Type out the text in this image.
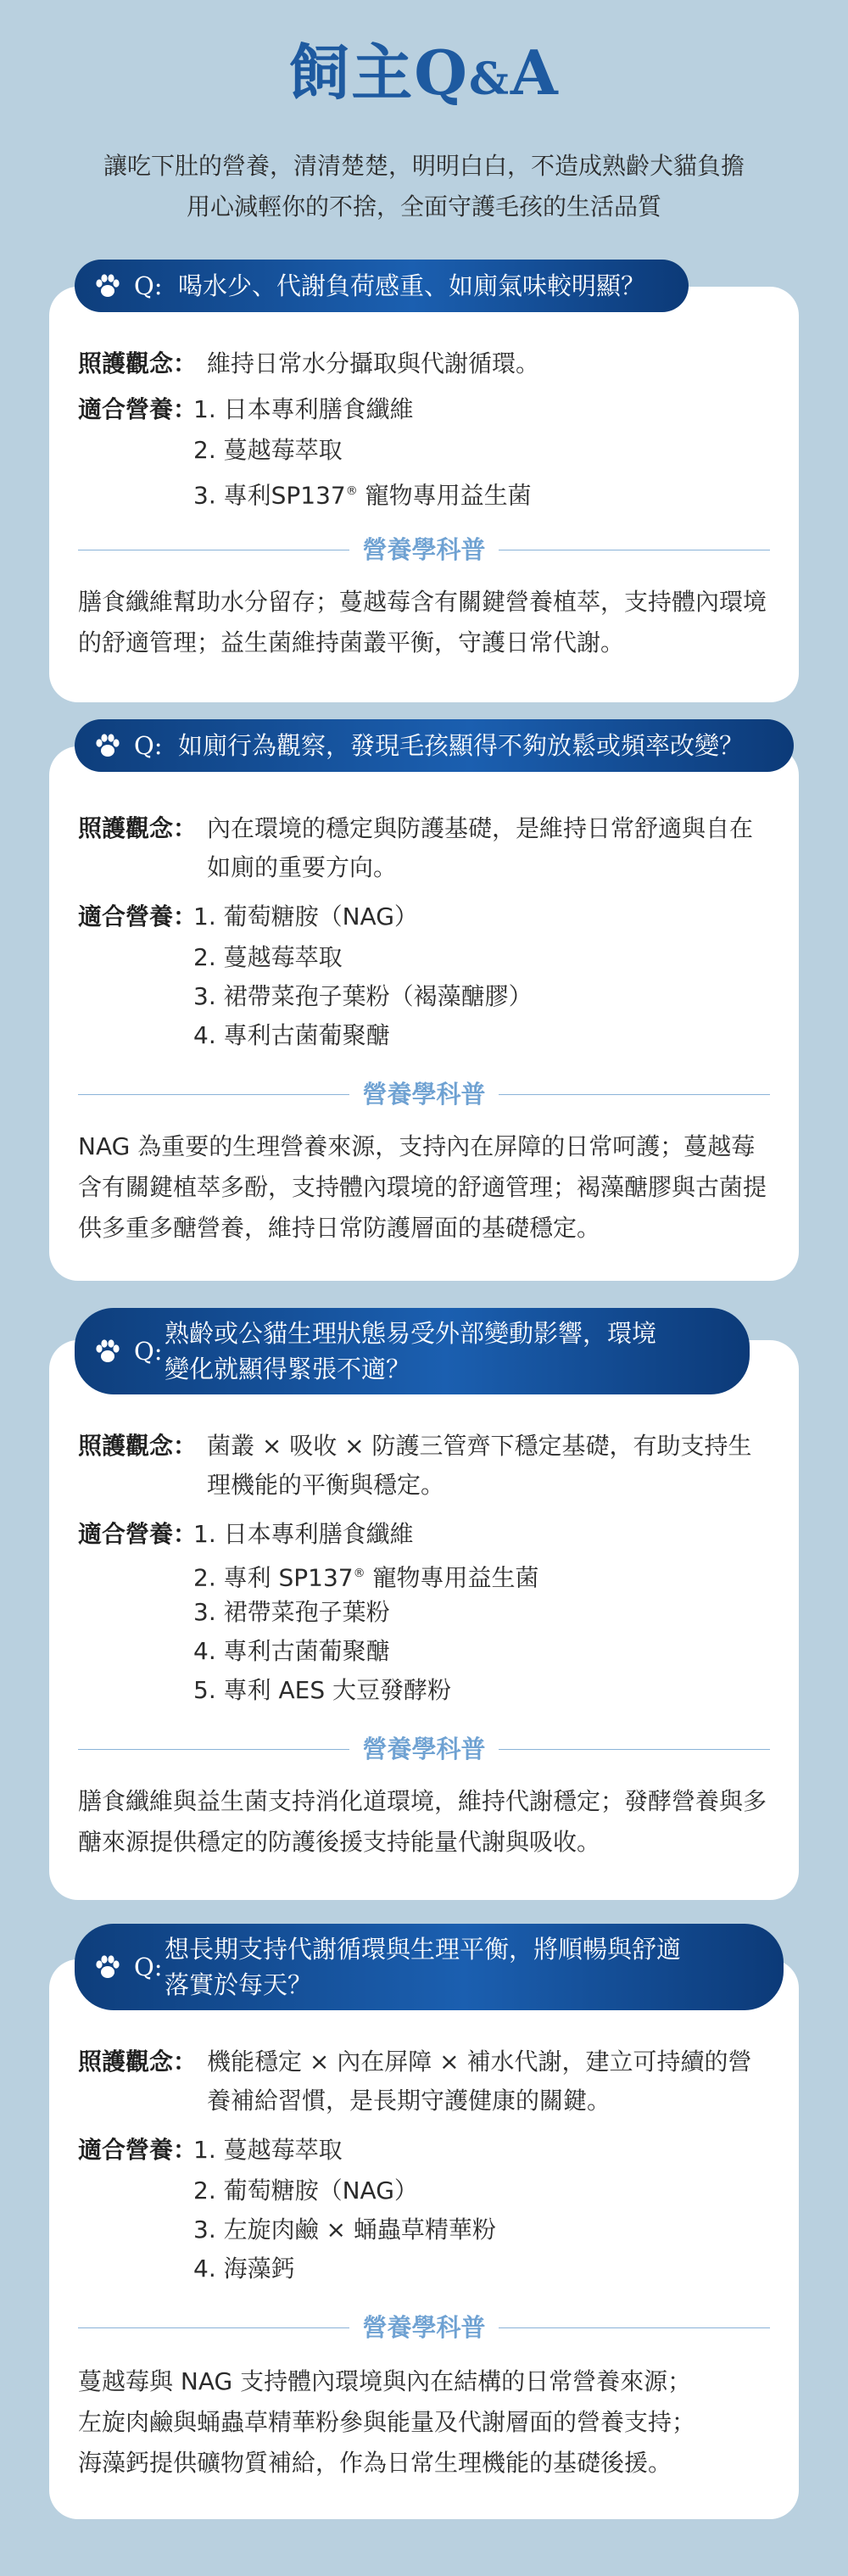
飼主Q&A
讓吃下肚的營養，清清楚楚，明明白白，不造成熟齡犬貓負擔
用心減輕你的不捨，全面守護毛孩的生活品質
Q: 喝水少、代謝負荷感重、如廁氣味較明顯？
照護觀念： 維持日常水分攝取與代謝循環。
適合營養：
1. 日本專利膳食纖維
2. 蔓越莓萃取
3. 專利SP137® 寵物專用益生菌
營養學科普
膳食纖維幫助水分留存；蔓越莓含有關鍵營養植萃，支持體內環境的舒適管理；益生菌維持菌叢平衡，守護日常代謝。
Q: 如廁行為觀察，發現毛孩顯得不夠放鬆或頻率改變？
照護觀念： 內在環境的穩定與防護基礎，是維持日常舒適與自在如廁的重要方向。
適合營養：
1. 葡萄糖胺（NAG）
2. 蔓越莓萃取
3. 裙帶菜孢子葉粉（褐藻醣膠）
4. 專利古菌葡聚醣
營養學科普
NAG 為重要的生理營養來源，支持內在屏障的日常呵護；蔓越莓含有關鍵植萃多酚，支持體內環境的舒適管理；褐藻醣膠與古菌提供多重多醣營養，維持日常防護層面的基礎穩定。
Q:
熟齡或公貓生理狀態易受外部變動影響，環境
變化就顯得緊張不適？
照護觀念： 菌叢 × 吸收 × 防護三管齊下穩定基礎，有助支持生理機能的平衡與穩定。
適合營養：
1. 日本專利膳食纖維
2. 專利 SP137® 寵物專用益生菌
3. 裙帶菜孢子葉粉
4. 專利古菌葡聚醣
5. 專利 AES 大豆發酵粉
營養學科普
膳食纖維與益生菌支持消化道環境，維持代謝穩定；發酵營養與多醣來源提供穩定的防護後援支持能量代謝與吸收。
Q:
想長期支持代謝循環與生理平衡，將順暢與舒適
落實於每天？
照護觀念： 機能穩定 × 內在屏障 × 補水代謝，建立可持續的營養補給習慣，是長期守護健康的關鍵。
適合營養：
1. 蔓越莓萃取
2. 葡萄糖胺（NAG）
3. 左旋肉鹼 × 蛹蟲草精華粉
4. 海藻鈣
營養學科普
蔓越莓與 NAG 支持體內環境與內在結構的日常營養來源；
左旋肉鹼與蛹蟲草精華粉參與能量及代謝層面的營養支持；
海藻鈣提供礦物質補給，作為日常生理機能的基礎後援。
